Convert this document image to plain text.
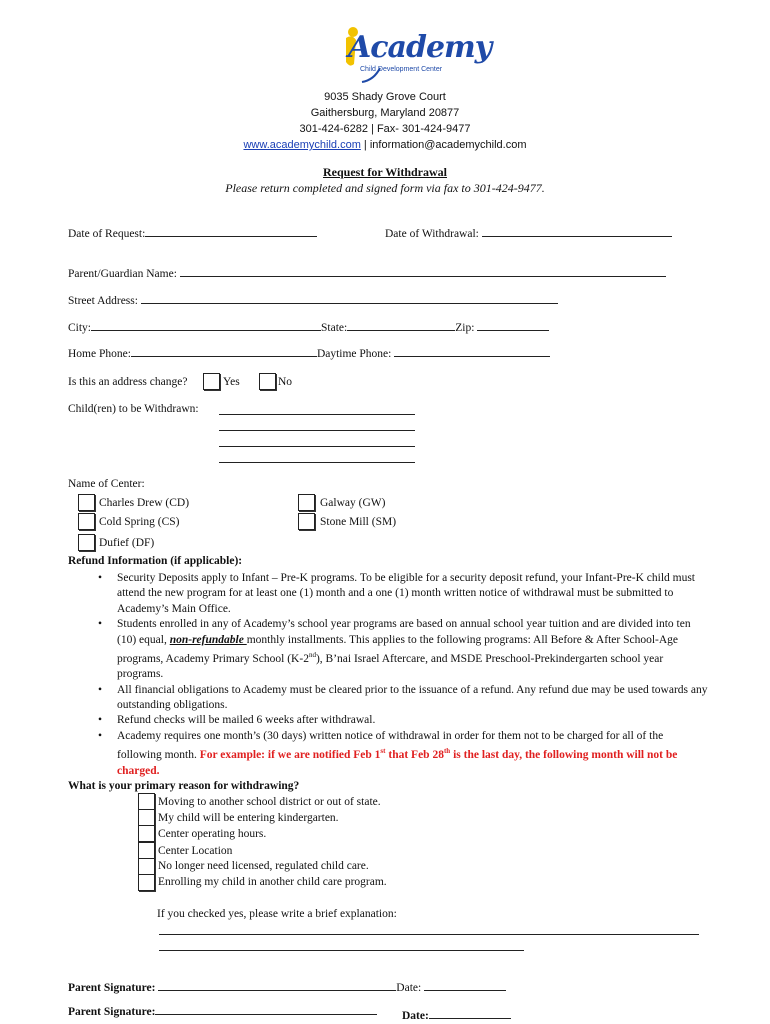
Academy
Child Development Center
9035 Shady Grove Court
Gaithersburg, Maryland 20877
301-424-6282 | Fax- 301-424-9477
www.academychild.com | information@academychild.com
Request for Withdrawal
Please return completed and signed form via fax to 301-424-9477.
Date of Request:	Date of Withdrawal:
Parent/Guardian Name:
Street Address:
City:	State:	Zip:
Home Phone:	Daytime Phone:
Is this an address change?	Yes	No
Child(ren) to be Withdrawn:
Name of Center:
Charles Drew (CD)
Cold Spring (CS)
Dufief (DF)
Galway (GW)
Stone Mill (SM)
Refund Information (if applicable):
• Security Deposits apply to Infant – Pre-K programs. To be eligible for a security deposit refund, your Infant-Pre-K child must attend the new program for at least one (1) month and a one (1) month written notice of withdrawal must be submitted to Academy’s Main Office.
• Students enrolled in any of Academy’s school year programs are based on annual school year tuition and are divided into ten (10) equal, non-refundable monthly installments. This applies to the following programs: All Before & After School-Age programs, Academy Primary School (K-2nd), B’nai Israel Aftercare, and MSDE Preschool-Prekindergarten school year programs.
• All financial obligations to Academy must be cleared prior to the issuance of a refund. Any refund due may be used towards any outstanding obligations.
• Refund checks will be mailed 6 weeks after withdrawal.
• Academy requires one month’s (30 days) written notice of withdrawal in order for them not to be charged for all of the following month. For example: if we are notified Feb 1st that Feb 28th is the last day, the following month will not be charged.
What is your primary reason for withdrawing?
Moving to another school district or out of state.
My child will be entering kindergarten.
Center operating hours.
Center Location
No longer need licensed, regulated child care.
Enrolling my child in another child care program.
If you checked yes, please write a brief explanation:
Parent Signature:	Date:
Parent Signature:	Date:
